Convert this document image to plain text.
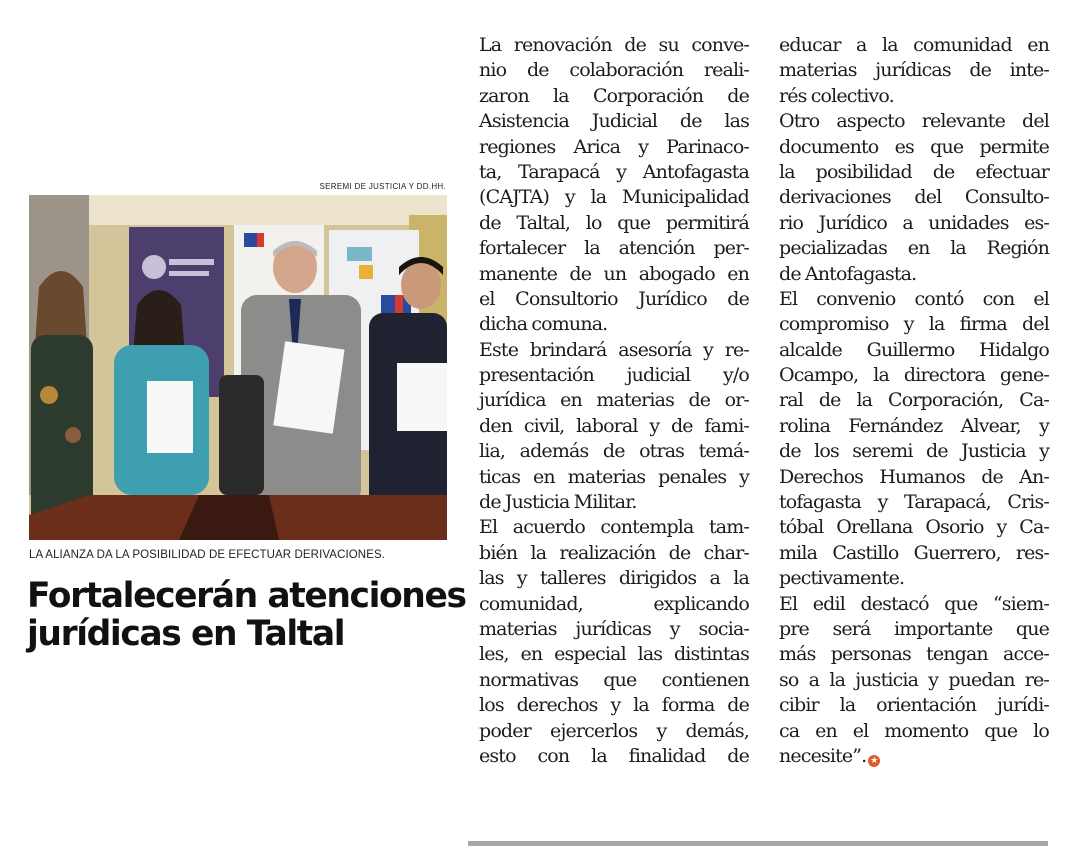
SEREMI DE JUSTICIA Y DD.HH.
LA ALIANZA DA LA POSIBILIDAD DE EFECTUAR DERIVACIONES.
Fortalecerán atenciones
jurídicas en Taltal
La renovación de su conve-
nio de colaboración reali-
zaron la Corporación de
Asistencia Judicial de las
regiones Arica y Parinaco-
ta, Tarapacá y Antofagasta
(CAJTA) y la Municipalidad
de Taltal, lo que permitirá
fortalecer la atención per-
manente de un abogado en
el Consultorio Jurídico de
dicha comuna.
Este brindará asesoría y re-
presentación judicial y/o
jurídica en materias de or-
den civil, laboral y de fami-
lia, además de otras temá-
ticas en materias penales y
de Justicia Militar.
El acuerdo contempla tam-
bién la realización de char-
las y talleres dirigidos a la
comunidad, explicando
materias jurídicas y socia-
les, en especial las distintas
normativas que contienen
los derechos y la forma de
poder ejercerlos y demás,
esto con la finalidad de
educar a la comunidad en
materias jurídicas de inte-
rés colectivo.
Otro aspecto relevante del
documento es que permite
la posibilidad de efectuar
derivaciones del Consulto-
rio Jurídico a unidades es-
pecializadas en la Región
de Antofagasta.
El convenio contó con el
compromiso y la firma del
alcalde Guillermo Hidalgo
Ocampo, la directora gene-
ral de la Corporación, Ca-
rolina Fernández Alvear, y
de los seremi de Justicia y
Derechos Humanos de An-
tofagasta y Tarapacá, Cris-
tóbal Orellana Osorio y Ca-
mila Castillo Guerrero, res-
pectivamente.
El edil destacó que “siem-
pre será importante que
más personas tengan acce-
so a la justicia y puedan re-
cibir la orientación jurídi-
ca en el momento que lo
necesite”. ★
